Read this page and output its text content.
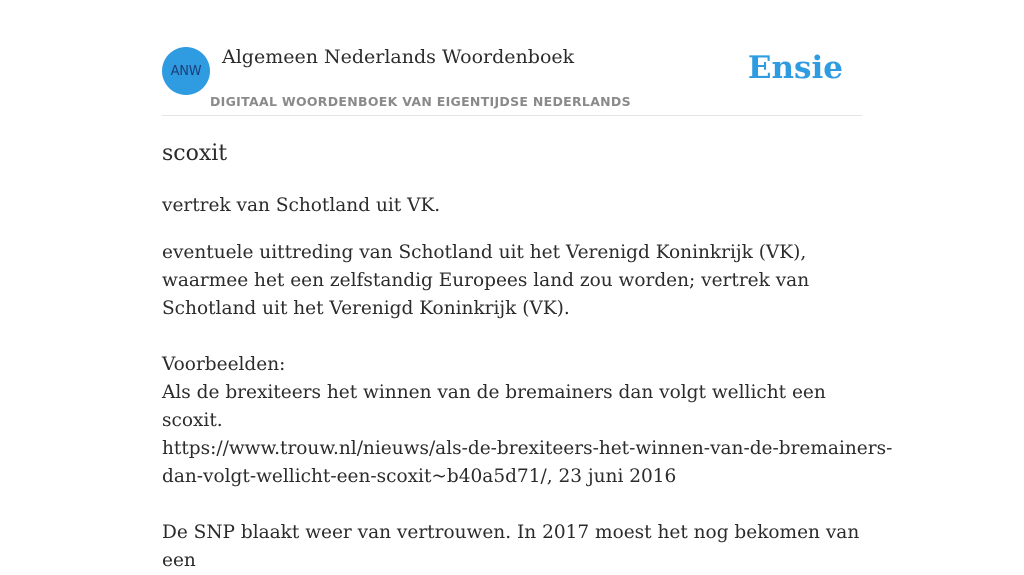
ANW
Algemeen Nederlands Woordenboek
DIGITAAL WOORDENBOEK VAN EIGENTIJDSE NEDERLANDS
Ensie
scoxit

vertrek van Schotland uit VK.

eventuele uittreding van Schotland uit het Verenigd Koninkrijk (VK), waarmee het een zelfstandig Europees land zou worden; vertrek van Schotland uit het Verenigd Koninkrijk (VK).

Voorbeelden:

Als de brexiteers het winnen van de bremainers dan volgt wellicht een scoxit.

https://www.trouw.nl/nieuws/als-de-brexiteers-het-winnen-van-de-bremainers-

dan-volgt-wellicht-een-scoxit~b40a5d71/, 23 juni 2016

De SNP blaakt weer van vertrouwen. In 2017 moest het nog bekomen van een
